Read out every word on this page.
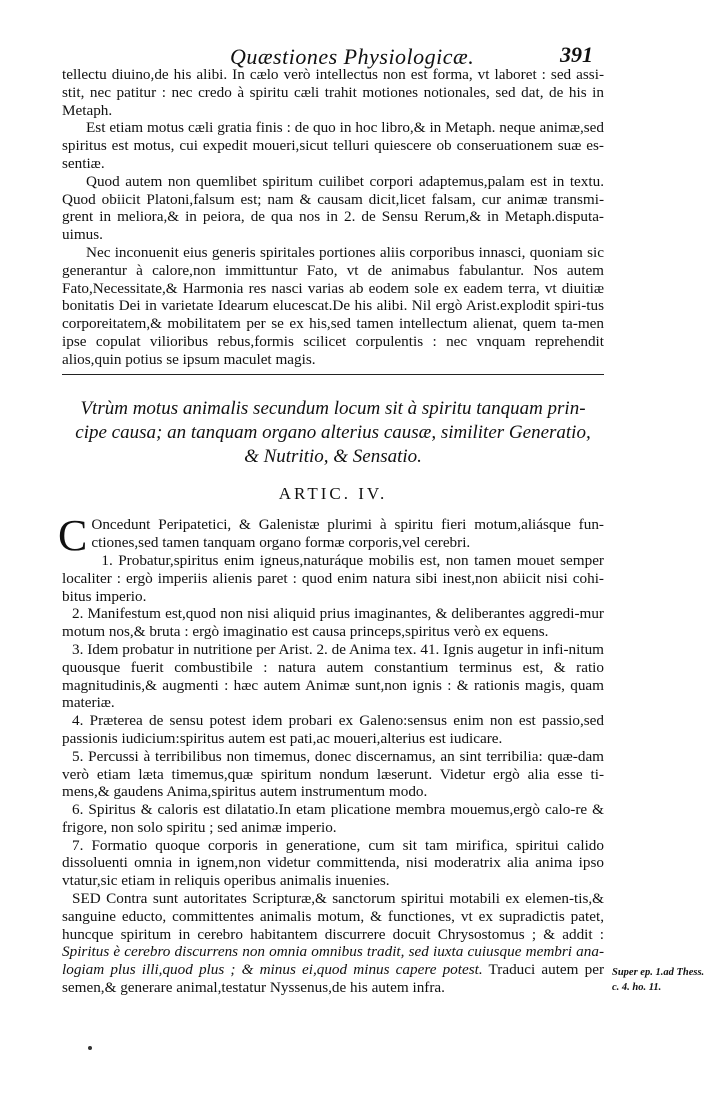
Quæstiones Physiologicæ.	391

tellectu diuino,de his alibi. In cælo verò intellectus non est forma, vt laboret : sed assi-stit, nec patitur : nec credo à spiritu cæli trahit motiones notionales, sed dat, de his in Metaph.

Est etiam motus cæli gratia finis : de quo in hoc libro,& in Metaph. neque animæ,sed spiritus est motus, cui expedit moueri,sicut telluri quiescere ob conseruationem suæ es-sentiæ.

Quod autem non quemlibet spiritum cuilibet corpori adaptemus,palam est in textu. Quod obiicit Platoni,falsum est; nam & causam dicit,licet falsam, cur animæ transmi-grent in meliora,& in peiora, de qua nos in 2. de Sensu Rerum,& in Metaph.disputa-uimus.

Nec inconuenit eius generis spiritales portiones aliis corporibus innasci, quoniam sic generantur à calore,non immittuntur Fato, vt de animabus fabulantur. Nos autem Fato,Necessitate,& Harmonia res nasci varias ab eodem sole ex eadem terra, vt diuitiæ bonitatis Dei in varietate Idearum elucescat.De his alibi. Nil ergò Arist.explodit spiri-tus corporeitatem,& mobilitatem per se ex his,sed tamen intellectum alienat, quem ta-men ipse copulat vilioribus rebus,formis scilicet corpulentis : nec vnquam reprehendit alios,quin potius se ipsum maculet magis.

Vtrùm motus animalis secundum locum sit à spiritu tanquam prin-cipe causa; an tanquam organo alterius causæ, similiter Generatio, & Nutritio, & Sensatio.
ARTIC. IV.

C Oncedunt Peripatetici, & Galenistæ plurimi à spiritu fieri motum,aliásque fun-ctiones,sed tamen tanquam organo formæ corporis,vel cerebri.

1. Probatur,spiritus enim igneus,naturáque mobilis est, non tamen mouet semper localiter : ergò imperiis alienis paret : quod enim natura sibi inest,non abiicit nisi cohi-bitus imperio.

2. Manifestum est,quod non nisi aliquid prius imaginantes, & deliberantes aggredi-mur motum nos,& bruta : ergò imaginatio est causa princeps,spiritus verò ex equens.

3. Idem probatur in nutritione per Arist. 2. de Anima tex. 41. Ignis augetur in infi-nitum quousque fuerit combustibile : natura autem constantium terminus est, & ratio magnitudinis,& augmenti : hæc autem Animæ sunt,non ignis : & rationis magis, quam materiæ.

4. Præterea de sensu potest idem probari ex Galeno:sensus enim non est passio,sed passionis iudicium:spiritus autem est pati,ac moueri,alterius est iudicare.

5. Percussi à terribilibus non timemus, donec discernamus, an sint terribilia: quæ-dam verò etiam læta timemus,quæ spiritum nondum læserunt. Videtur ergò alia esse ti-mens,& gaudens Anima,spiritus autem instrumentum modo.

6. Spiritus & caloris est dilatatio.In etam plicatione membra mouemus,ergò calo-re & frigore, non solo spiritu ; sed animæ imperio.

7. Formatio quoque corporis in generatione, cum sit tam mirifica, spiritui calido dissoluenti omnia in ignem,non videtur committenda, nisi moderatrix alia anima ipso vtatur,sic etiam in reliquis operibus animalis inuenies.

SED Contra sunt autoritates Scripturæ,& sanctorum spiritui motabili ex elemen-tis,& sanguine educto, committentes animalis motum, & functiones, vt ex supradictis patet, huncque spiritum in cerebro habitantem discurrere docuit Chrysostomus ; & addit : Spiritus è cerebro discurrens non omnia omnibus tradit, sed iuxta cuiusque membri ana-logiam plus illi,quod plus ; & minus ei,quod minus capere potest. Traduci autem per semen,& generare animal,testatur Nyssenus,de his autem infra.

Super ep. 1.ad Thess. c. 4. ho. 11.
